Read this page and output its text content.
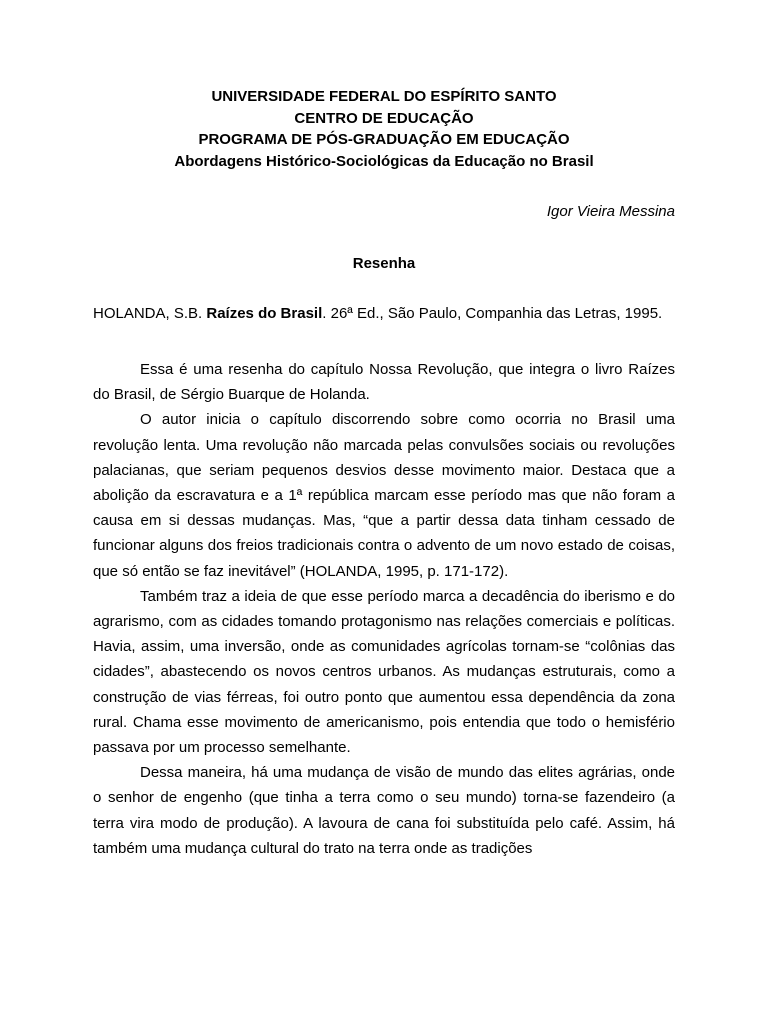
UNIVERSIDADE FEDERAL DO ESPÍRITO SANTO
CENTRO DE EDUCAÇÃO
PROGRAMA DE PÓS-GRADUAÇÃO EM EDUCAÇÃO
Abordagens Histórico-Sociológicas da Educação no Brasil
Igor Vieira Messina
Resenha
HOLANDA, S.B. Raízes do Brasil. 26ª Ed., São Paulo, Companhia das Letras, 1995.

Essa é uma resenha do capítulo Nossa Revolução, que integra o livro Raízes do Brasil, de Sérgio Buarque de Holanda.

O autor inicia o capítulo discorrendo sobre como ocorria no Brasil uma revolução lenta. Uma revolução não marcada pelas convulsões sociais ou revoluções palacianas, que seriam pequenos desvios desse movimento maior. Destaca que a abolição da escravatura e a 1ª república marcam esse período mas que não foram a causa em si dessas mudanças. Mas, “que a partir dessa data tinham cessado de funcionar alguns dos freios tradicionais contra o advento de um novo estado de coisas, que só então se faz inevitável” (HOLANDA, 1995, p. 171-172).

Também traz a ideia de que esse período marca a decadência do iberismo e do agrarismo, com as cidades tomando protagonismo nas relações comerciais e políticas. Havia, assim, uma inversão, onde as comunidades agrícolas tornam-se “colônias das cidades”, abastecendo os novos centros urbanos. As mudanças estruturais, como a construção de vias férreas, foi outro ponto que aumentou essa dependência da zona rural. Chama esse movimento de americanismo, pois entendia que todo o hemisfério passava por um processo semelhante.

Dessa maneira, há uma mudança de visão de mundo das elites agrárias, onde o senhor de engenho (que tinha a terra como o seu mundo) torna-se fazendeiro (a terra vira modo de produção). A lavoura de cana foi substituída pelo café. Assim, há também uma mudança cultural do trato na terra onde as tradições
